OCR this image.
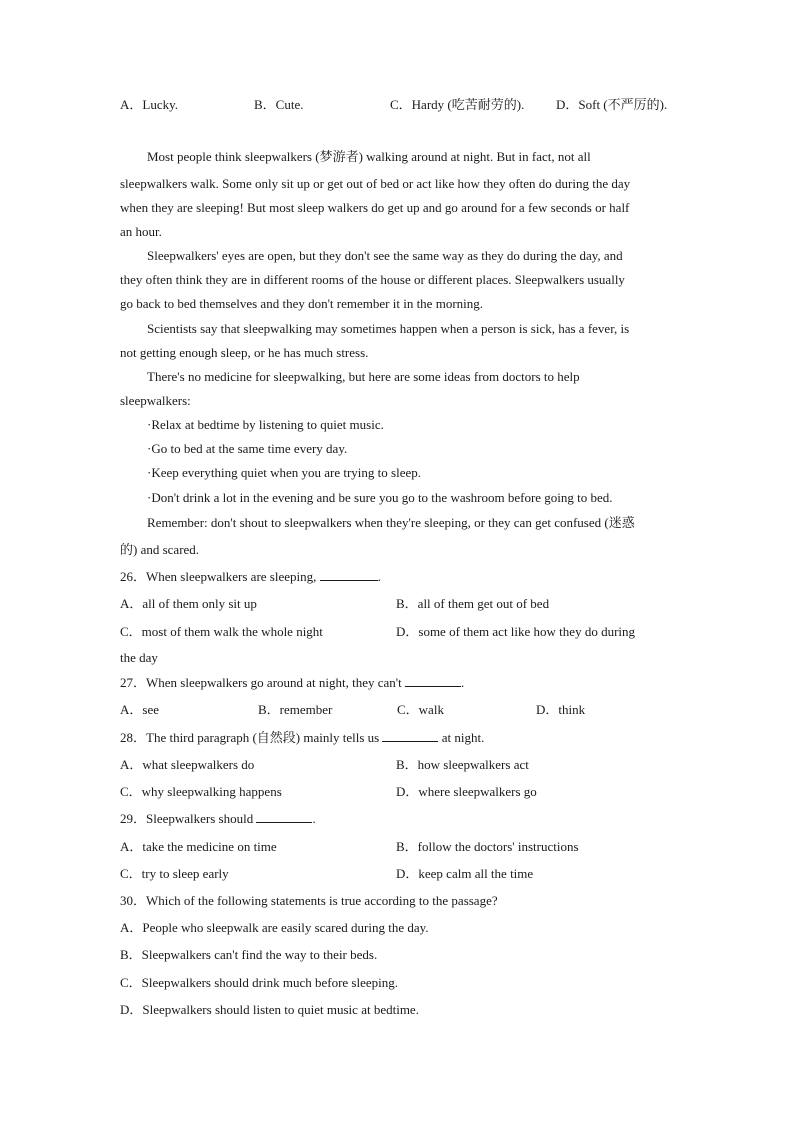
A．Lucky.	B．Cute.	C．Hardy (吃苦耐劳的). D．Soft (不严厉的).
Most people think sleepwalkers (梦游者) walking around at night. But in fact, not all
sleepwalkers walk. Some only sit up or get out of bed or act like how they often do during the day
when they are sleeping! But most sleep walkers do get up and go around for a few seconds or half
an hour.
Sleepwalkers' eyes are open, but they don't see the same way as they do during the day, and
they often think they are in different rooms of the house or different places. Sleepwalkers usually
go back to bed themselves and they don't remember it in the morning.
Scientists say that sleepwalking may sometimes happen when a person is sick, has a fever, is
not getting enough sleep, or he has much stress.
There's no medicine for sleepwalking, but here are some ideas from doctors to help
sleepwalkers:
·Relax at bedtime by listening to quiet music.
·Go to bed at the same time every day.
·Keep everything quiet when you are trying to sleep.
·Don't drink a lot in the evening and be sure you go to the washroom before going to bed.
Remember: don't shout to sleepwalkers when they're sleeping, or they can get confused (迷惑
的) and scared.
26．When sleepwalkers are sleeping,	.
A．all of them only sit up	B．all of them get out of bed
C．most of them walk the whole night	D．some of them act like how they do during
the day
27．When sleepwalkers go around at night, they can't	.
A．see	B．remember	C．walk	D．think
28．The third paragraph (自然段) mainly tells us	at night.
A．what sleepwalkers do	B．how sleepwalkers act
C．why sleepwalking happens	D．where sleepwalkers go
29．Sleepwalkers should	.
A．take the medicine on time	B．follow the doctors' instructions
C．try to sleep early	D．keep calm all the time
30．Which of the following statements is true according to the passage?
A．People who sleepwalk are easily scared during the day.
B．Sleepwalkers can't find the way to their beds.
C．Sleepwalkers should drink much before sleeping.
D．Sleepwalkers should listen to quiet music at bedtime.
